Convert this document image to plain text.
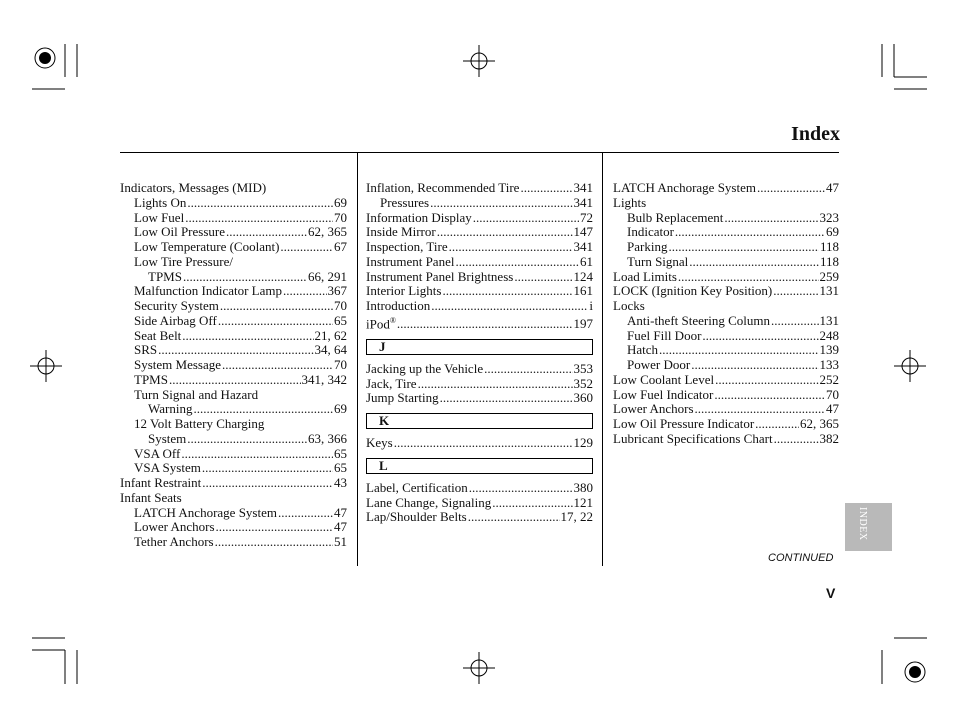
Index
Indicators, Messages (MID)
Lights On .....	69
Low Fuel .....	70
Low Oil Pressure .....	62, 365
Low Temperature (Coolant) .....	67
Low Tire Pressure/
TPMS .....	66, 291
Malfunction Indicator Lamp .....	367
Security System .....	70
Side Airbag Off .....	65
Seat Belt .....	21, 62
SRS .....	34, 64
System Message .....	70
TPMS .....	341, 342
Turn Signal and Hazard
Warning .....	69
12 Volt Battery Charging
System .....	63, 366
VSA Off .....	65
VSA System .....	65
Infant Restraint .....	43
Infant Seats
LATCH Anchorage System .....	47
Lower Anchors .....	47
Tether Anchors .....	51
Inflation, Recommended Tire .....	341
Pressures .....	341
Information Display .....	72
Inside Mirror .....	147
Inspection, Tire .....	341
Instrument Panel .....	61
Instrument Panel Brightness .....	124
Interior Lights .....	161
Introduction .....	i
iPod® .....	197
J
Jacking up the Vehicle .....	353
Jack, Tire .....	352
Jump Starting .....	360
K
Keys .....	129
L
Label, Certification .....	380
Lane Change, Signaling .....	121
Lap/Shoulder Belts .....	17, 22
LATCH Anchorage System .....	47
Lights
Bulb Replacement .....	323
Indicator .....	69
Parking .....	118
Turn Signal .....	118
Load Limits .....	259
LOCK (Ignition Key Position) .....	131
Locks
Anti-theft Steering Column .....	131
Fuel Fill Door .....	248
Hatch .....	139
Power Door .....	133
Low Coolant Level .....	252
Low Fuel Indicator .....	70
Lower Anchors .....	47
Low Oil Pressure Indicator .....	62, 365
Lubricant Specifications Chart .....	382
INDEX
CONTINUED
V
